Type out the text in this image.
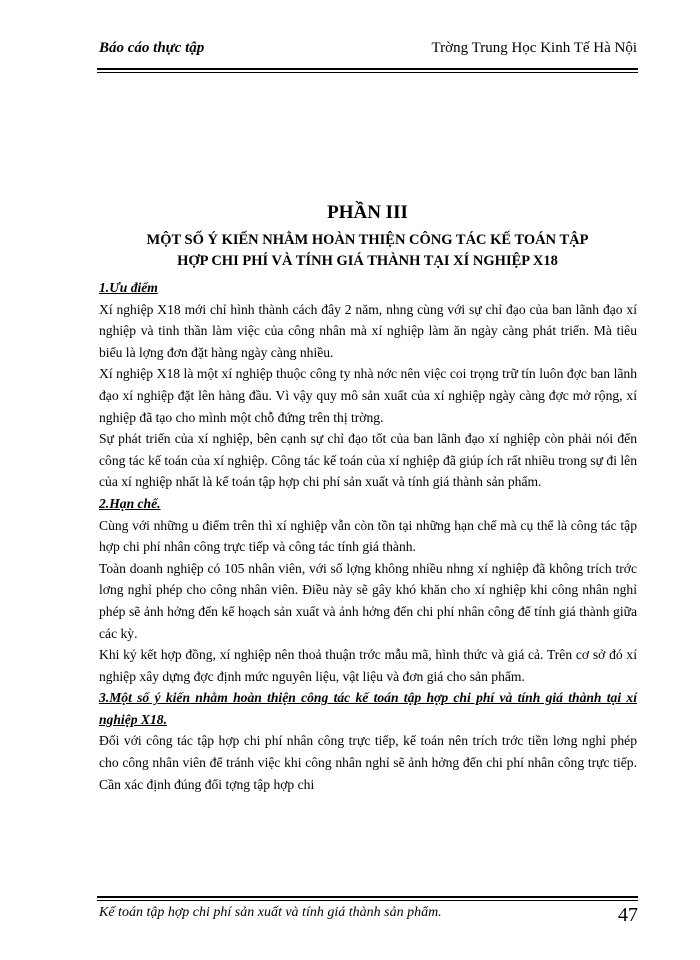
Báo cáo thực tập	Trờng Trung Học Kinh Tế Hà Nội
PHẦN III
MỘT SỐ Ý KIẾN NHẰM HOÀN THIỆN CÔNG TÁC KẾ TOÁN TẬP
HỢP CHI PHÍ VÀ TÍNH GIÁ THÀNH TẠI XÍ NGHIỆP X18

1.Ưu điểm

Xí nghiệp X18 mới chỉ hình thành cách đây 2 năm, nhng cùng với sự chỉ đạo của ban lãnh đạo xí nghiệp và tinh thần làm việc của công nhân mà xí nghiệp làm ăn ngày càng phát triển. Mà tiêu biểu là lợng đơn đặt hàng ngày càng nhiều.

Xí nghiệp X18 là một xí nghiệp thuộc công ty nhà nớc nên việc coi trọng trữ tín luôn đợc ban lãnh đạo xí nghiệp đặt lên hàng đầu. Vì vậy quy mô sản xuất của xí nghiệp ngày càng đợc mở rộng, xí nghiệp đã tạo cho mình một chỗ đứng trên thị trờng.

Sự phát triển của xí nghiệp, bên cạnh sự chỉ đạo tốt của ban lãnh đạo xí nghiệp còn phải nói đến công tác kế toán của xí nghiệp. Công tác kế toán của xí nghiệp đã giúp ích rất nhiều trong sự đi lên của xí nghiệp nhất là kế toán tập hợp chi phí sản xuất và tính giá thành sản phẩm.

2.Hạn chế.

Cùng với những u điểm trên thì xí nghiệp vẫn còn tồn tại những hạn chế mà cụ thể là công tác tập hợp chi phí nhân công trực tiếp và công tác tính giá thành.

Toàn doanh nghiệp có 105 nhân viên, với số lợng không nhiều nhng xí nghiệp đã không trích trớc lơng nghỉ phép cho công nhân viên. Điều này sẽ gây khó khăn cho xí nghiệp khi công nhân nghỉ phép sẽ ảnh hởng đến kế hoạch sản xuất và ảnh hởng đến chi phí nhân công để tính giá thành giữa các kỳ.

Khi ký kết hợp đồng, xí nghiệp nên thoả thuận trớc mẫu mã, hình thức và giá cả. Trên cơ sở đó xí nghiệp xây dựng đợc định mức nguyên liệu, vật liệu và đơn giá cho sản phẩm.

3.Một số ý kiến nhằm hoàn thiện công tác kế toán tập hợp chi phí và tính giá thành tại xí nghiệp X18.

Đối với công tác tập hợp chi phí nhân công trực tiếp, kế toán nên trích trớc tiền lơng nghỉ phép cho công nhân viên để tránh việc khi công nhân nghỉ sẽ ảnh hởng đến chi phí nhân công trực tiếp. Cần xác định đúng đối tợng tập hợp chi

Kế toán tập hợp chi phí sản xuất và tính giá thành sản phẩm.	47
